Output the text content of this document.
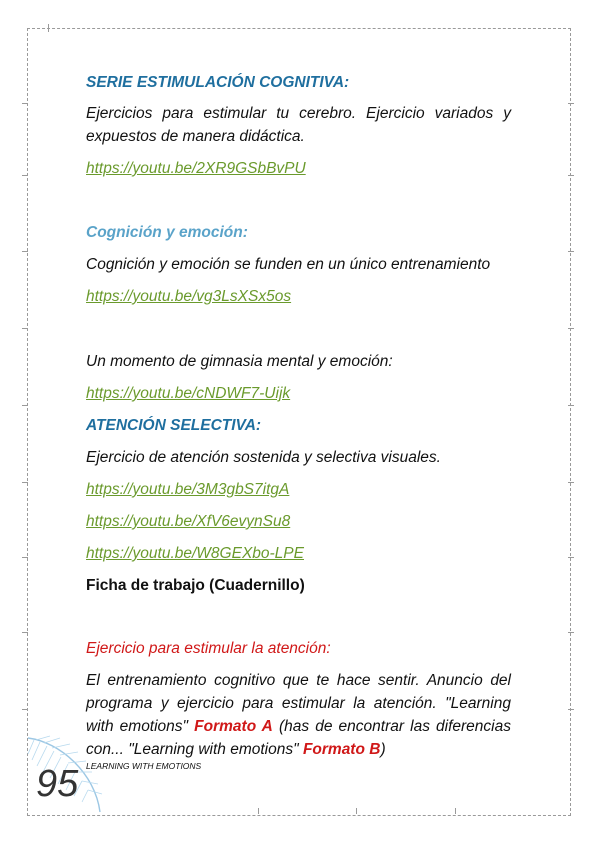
SERIE ESTIMULACIÓN COGNITIVA:
Ejercicios para estimular tu cerebro. Ejercicio variados y expuestos de manera didáctica.
https://youtu.be/2XR9GSbBvPU
Cognición y emoción:
Cognición y emoción se funden en un único entrenamiento
https://youtu.be/vg3LsXSx5os
Un momento de gimnasia mental y emoción:
https://youtu.be/cNDWF7-Uijk
ATENCIÓN SELECTIVA:
Ejercicio de atención sostenida y selectiva visuales.
https://youtu.be/3M3gbS7itgA
https://youtu.be/XfV6evynSu8
https://youtu.be/W8GEXbo-LPE
Ficha de trabajo (Cuadernillo)
Ejercicio para estimular la atención:
El entrenamiento cognitivo que te hace sentir. Anuncio del programa y ejercicio para estimular la atención. "Learning with emotions" Formato A (has de encontrar las diferencias con... "Learning with emotions" Formato B)
95 LEARNING WITH EMOTIONS
